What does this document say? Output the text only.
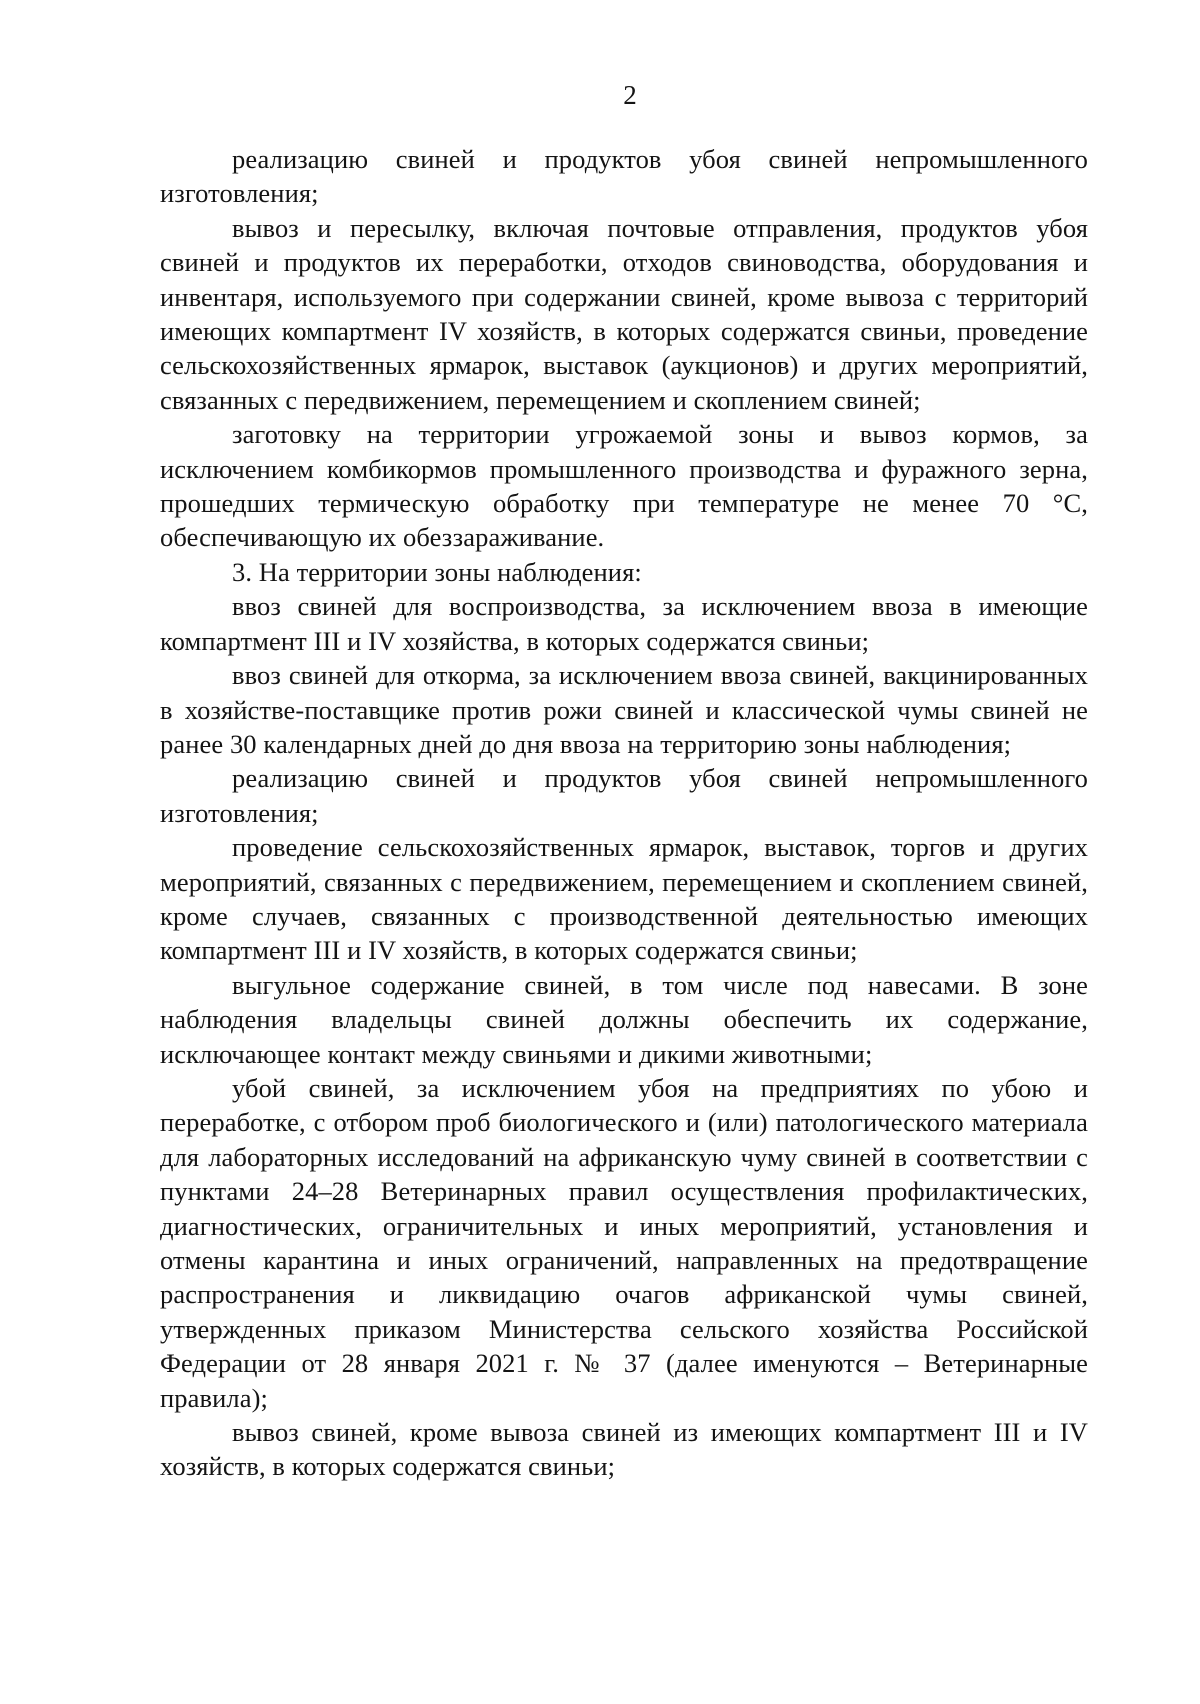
2

реализацию свиней и продуктов убоя свиней непромышленного изготовления;

вывоз и пересылку, включая почтовые отправления, продуктов убоя свиней и продуктов их переработки, отходов свиноводства, оборудования и инвентаря, используемого при содержании свиней, кроме вывоза с территорий имеющих компартмент IV хозяйств, в которых содержатся свиньи, проведение сельскохозяйственных ярмарок, выставок (аукционов) и других мероприятий, связанных с передвижением, перемещением и скоплением свиней;

заготовку на территории угрожаемой зоны и вывоз кормов, за исключением комбикормов промышленного производства и фуражного зерна, прошедших термическую обработку при температуре не менее 70 °С, обеспечивающую их обеззараживание.

3. На территории зоны наблюдения:

ввоз свиней для воспроизводства, за исключением ввоза в имеющие компартмент III и IV хозяйства, в которых содержатся свиньи;

ввоз свиней для откорма, за исключением ввоза свиней, вакцинированных в хозяйстве-поставщике против рожи свиней и классической чумы свиней не ранее 30 календарных дней до дня ввоза на территорию зоны наблюдения;

реализацию свиней и продуктов убоя свиней непромышленного изготовления;

проведение сельскохозяйственных ярмарок, выставок, торгов и других мероприятий, связанных с передвижением, перемещением и скоплением свиней, кроме случаев, связанных с производственной деятельностью имеющих компартмент III и IV хозяйств, в которых содержатся свиньи;

выгульное содержание свиней, в том числе под навесами. В зоне наблюдения владельцы свиней должны обеспечить их содержание, исключающее контакт между свиньями и дикими животными;

убой свиней, за исключением убоя на предприятиях по убою и переработке, с отбором проб биологического и (или) патологического материала для лабораторных исследований на африканскую чуму свиней в соответствии с пунктами 24–28 Ветеринарных правил осуществления профилактических, диагностических, ограничительных и иных мероприятий, установления и отмены карантина и иных ограничений, направленных на предотвращение распространения и ликвидацию очагов африканской чумы свиней, утвержденных приказом Министерства сельского хозяйства Российской Федерации от 28 января 2021 г. № 37 (далее именуются – Ветеринарные правила);

вывоз свиней, кроме вывоза свиней из имеющих компартмент III и IV хозяйств, в которых содержатся свиньи;
